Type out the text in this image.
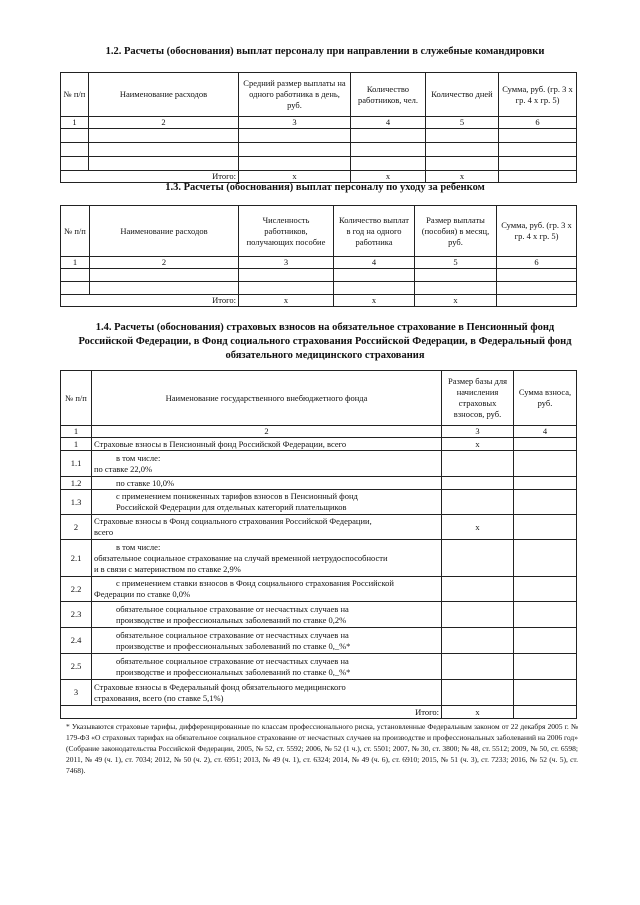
1.2. Расчеты (обоснования) выплат персоналу при направлении в служебные командировки
№ п/п	Наименование расходов	Средний размер выплаты на одного работника в день, руб.	Количество работников, чел.	Количество дней	Сумма, руб. (гр. 3 x гр. 4 x гр. 5)
1	2	3	4	5	6

Итого:		x	x	x	
1.3. Расчеты (обоснования) выплат персоналу по уходу за ребенком
№ п/п	Наименование расходов	Численность работников, получающих пособие	Количество выплат в год на одного работника	Размер выплаты (пособия) в месяц, руб.	Сумма, руб. (гр. 3 x гр. 4 x гр. 5)
1	2	3	4	5	6

Итого:		x	x	x	
1.4. Расчеты (обоснования) страховых взносов на обязательное страхование в Пенсионный фонд
Российской Федерации, в Фонд социального страхования Российской Федерации, в Федеральный фонд
обязательного медицинского страхования
№ п/п	Наименование государственного внебюджетного фонда	Размер базы для начисления страховых взносов, руб.	Сумма взноса, руб.
1	2	3	4
1	Страховые взносы в Пенсионный фонд Российской Федерации, всего	x	
1.1	в том числе:
по ставке 22,0%		

1.2	по ставке 10,0%		

1.3	с применением пониженных тарифов взносов в Пенсионный фонд
Российской Федерации для отдельных категорий плательщиков		

2	Страховые взносы в Фонд социального страхования Российской Федерации,
всего	x	
2.1	в том числе:
обязательное социальное страхование на случай временной нетрудоспособности
и в связи с материнством по ставке 2,9%		

2.2	с применением ставки взносов в Фонд социального страхования Российской
Федерации по ставке 0,0%		

2.3	обязательное социальное страхование от несчастных случаев на
производстве и профессиональных заболеваний по ставке 0,2%		

2.4	обязательное социальное страхование от несчастных случаев на
производстве и профессиональных заболеваний по ставке 0,_%*		

2.5	обязательное социальное страхование от несчастных случаев на
производстве и профессиональных заболеваний по ставке 0,_%*		

3	Страховые взносы в Федеральный фонд обязательного медицинского
страхования, всего (по ставке 5,1%)		

Итого:		x	
* Указываются страховые тарифы, дифференцированные по классам профессионального риска, установленные Федеральным законом от 22 декабря 2005 г. № 179-ФЗ «О страховых тарифах на обязательное социальное страхование от несчастных случаев на производстве и профессиональных заболеваний на 2006 год» (Собрание законодательства Российской Федерации, 2005, № 52, ст. 5592; 2006, № 52 (1 ч.), ст. 5501; 2007, № 30, ст. 3800; № 48, ст. 5512; 2009, № 50, ст. 6598; 2011, № 49 (ч. 1), ст. 7034; 2012, № 50 (ч. 2), ст. 6951; 2013, № 49 (ч. 1), ст. 6324; 2014, № 49 (ч. 6), ст. 6910; 2015, № 51 (ч. 3), ст. 7233; 2016, № 52 (ч. 5), ст. 7468).
